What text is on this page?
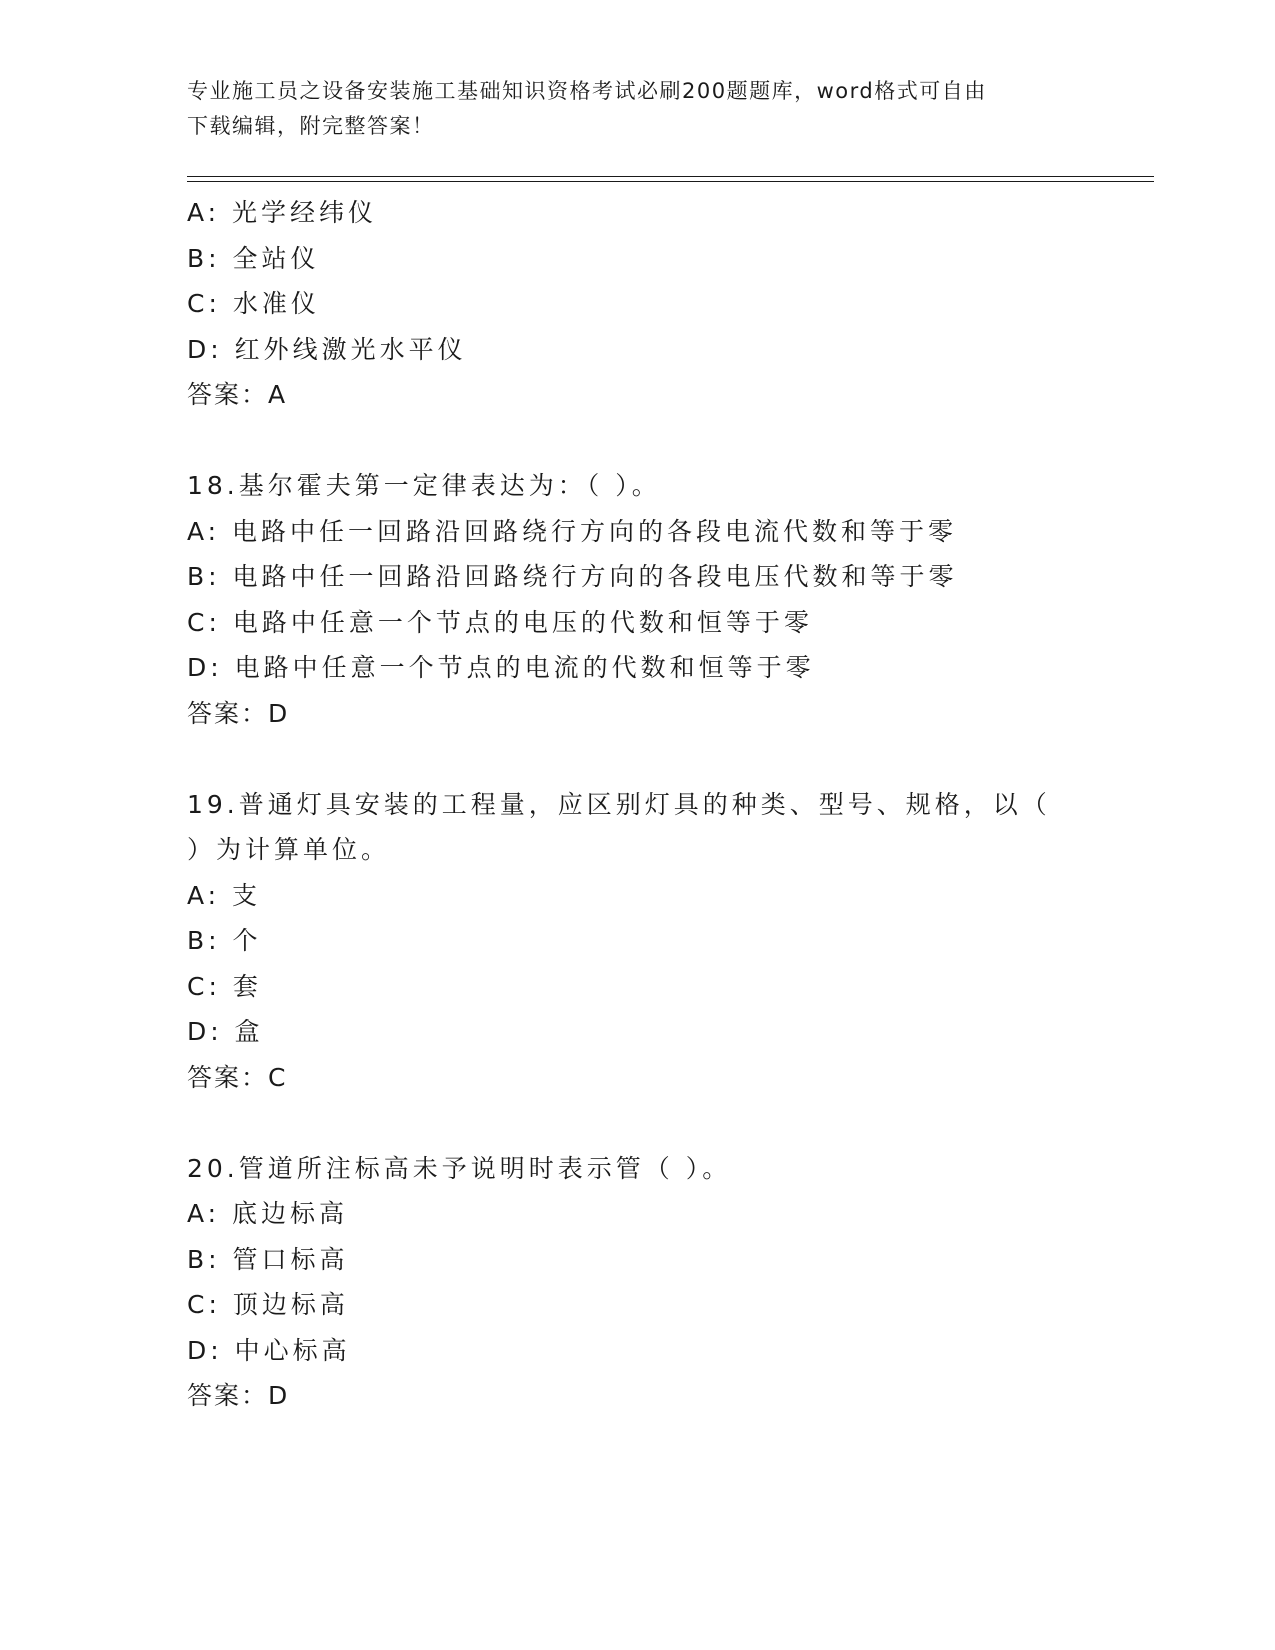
专业施工员之设备安装施工基础知识资格考试必刷200题题库，word格式可自由
下载编辑，附完整答案！
A: 光学经纬仪
B: 全站仪
C: 水准仪
D: 红外线激光水平仪
答案：A
18.基尔霍夫第一定律表达为：（ ）。
A: 电路中任一回路沿回路绕行方向的各段电流代数和等于零
B: 电路中任一回路沿回路绕行方向的各段电压代数和等于零
C: 电路中任意一个节点的电压的代数和恒等于零
D: 电路中任意一个节点的电流的代数和恒等于零
答案：D
19.普通灯具安装的工程量，应区别灯具的种类、型号、规格，以（
）为计算单位。
A: 支
B: 个
C: 套
D: 盒
答案：C
20.管道所注标高未予说明时表示管（ ）。
A: 底边标高
B: 管口标高
C: 顶边标高
D: 中心标高
答案：D
